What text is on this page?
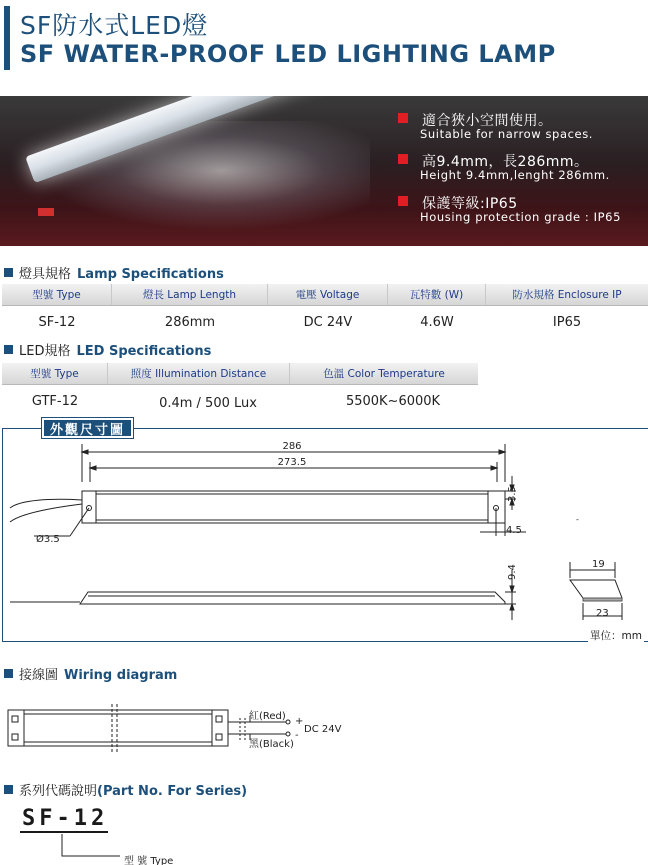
SF防水式LED燈
SF WATER-PROOF LED LIGHTING LAMP
適合狹小空間使用。
Suitable for narrow spaces.
高9.4mm，長286mm。
Height 9.4mm,lenght 286mm.
保護等級:IP65
Housing protection grade : IP65
燈具規格 Lamp Specifications
型號 Type	燈長 Lamp Length	電壓 Voltage	瓦特數 (W)	防水規格 Enclosure IP
SF-12	286mm	DC 24V	4.6W	IP65
LED規格 LED Specifications
型號 Type	照度 Illumination Distance	色溫 Color Temperature
GTF-12	0.4m / 500 Lux	5500K~6000K
外觀尺寸圖
286
273.5
3.5
4.5
Ø3.5
-
9.4	19
23
單位：mm
接線圖 Wiring diagram
紅(Red)
黑(Black)
+
-
DC 24V
系列代碼說明(Part No. For Series)
SF-12
型 號 Type
